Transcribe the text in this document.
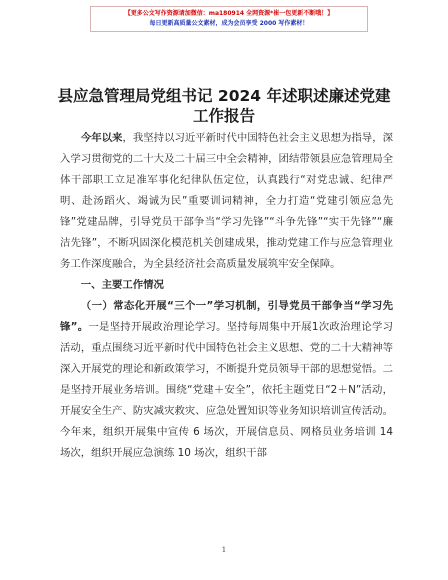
【更多公文写作资源请加微信：ma180914 全网资源*崔一包更新不断哦！】
每日更新高质量公文素材，成为会员享受 2000 写作素材！
县应急管理局党组书记 2024 年述职述廉述党建
工作报告

今年以来，我坚持以习近平新时代中国特色社会主义思想为指导，深入学习贯彻党的二十大及二十届三中全会精神，团结带领县应急管理局全体干部职工立足准军事化纪律队伍定位，认真践行“对党忠诚、纪律严明、赴汤蹈火、竭诚为民”重要训词精神，全力打造“党建引领应急先锋”党建品牌，引导党员干部争当“学习先锋”“斗争先锋”“实干先锋”“廉洁先锋”，不断巩固深化模范机关创建成果，推动党建工作与应急管理业务工作深度融合，为全县经济社会高质量发展筑牢安全保障。

一、主要工作情况

（一）常态化开展“三个一”学习机制，引导党员干部争当“学习先锋”。一是坚持开展政治理论学习。坚持每周集中开展1次政治理论学习活动，重点围绕习近平新时代中国特色社会主义思想、党的二十大精神等深入开展党的理论和新政策学习，不断提升党员领导干部的思想觉悟。二是坚持开展业务培训。围绕“党建＋安全”，依托主题党日“2＋N”活动，开展安全生产、防灾减灾救灾、应急处置知识等业务知识培训宣传活动。今年来，组织开展集中宣传 6 场次，开展信息员、网格员业务培训 14 场次，组织开展应急演练 10 场次，组织干部

1
